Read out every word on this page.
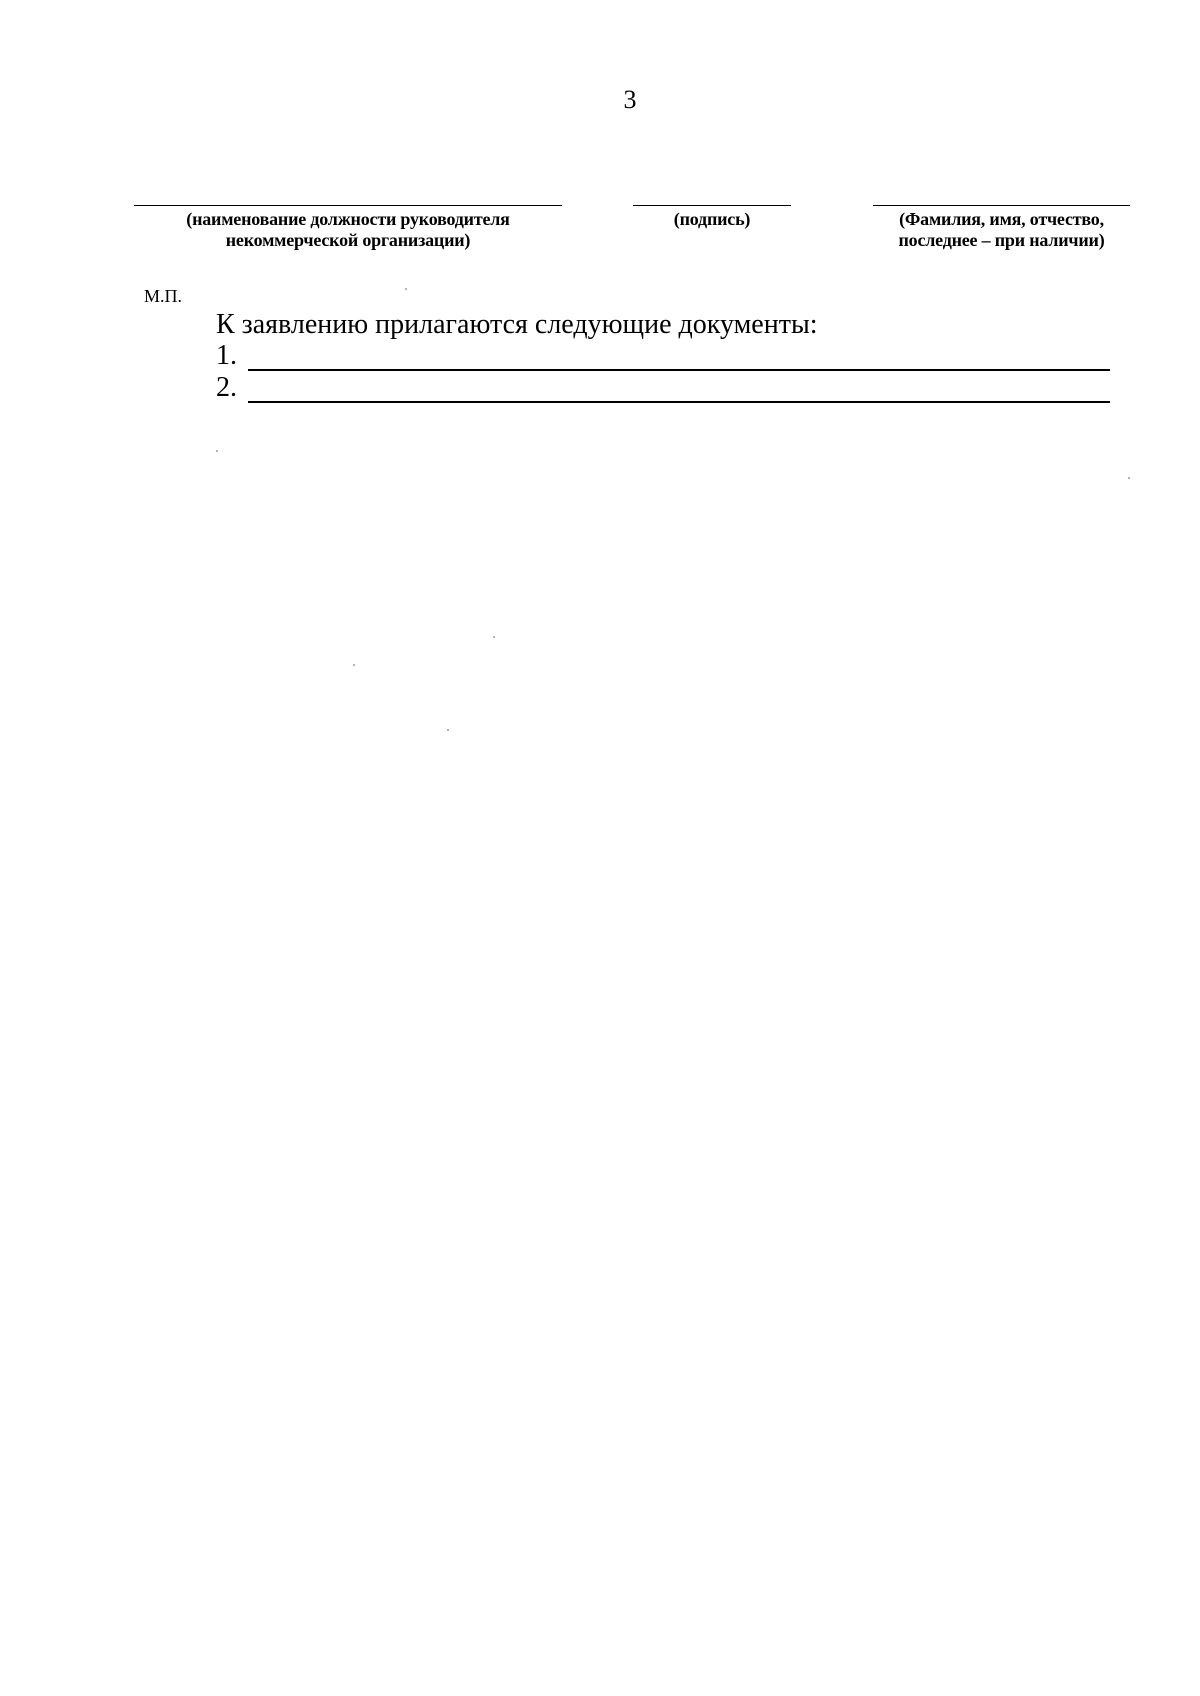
3
(наименование должности руководителя
некоммерческой организации)
(подпись)	(Фамилия, имя, отчество,
последнее – при наличии)
М.П.
К заявлению прилагаются следующие документы:
1.
2.
